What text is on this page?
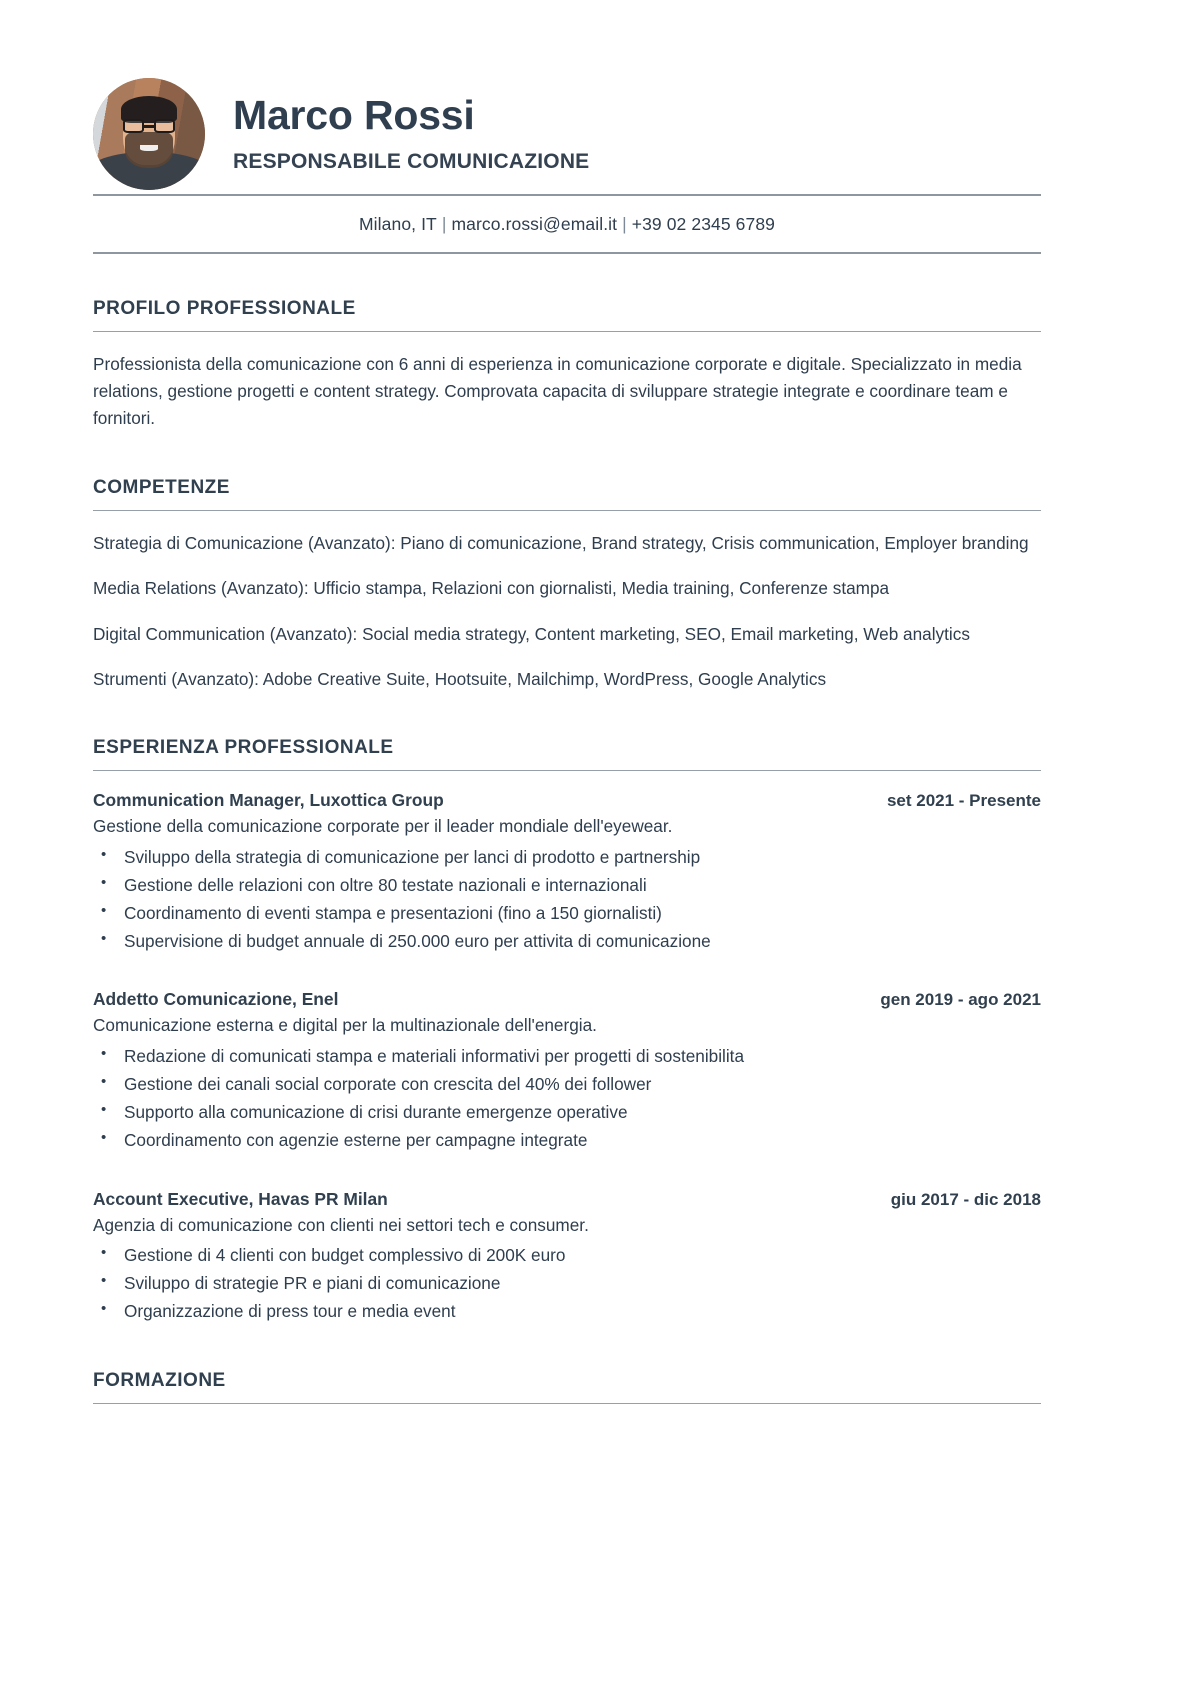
Marco Rossi
RESPONSABILE COMUNICAZIONE
Milano, IT | marco.rossi@email.it | +39 02 2345 6789
PROFILO PROFESSIONALE

Professionista della comunicazione con 6 anni di esperienza in comunicazione corporate e digitale. Specializzato in media relations, gestione progetti e content strategy. Comprovata capacita di sviluppare strategie integrate e coordinare team e fornitori.

COMPETENZE

Strategia di Comunicazione (Avanzato): Piano di comunicazione, Brand strategy, Crisis communication, Employer branding

Media Relations (Avanzato): Ufficio stampa, Relazioni con giornalisti, Media training, Conferenze stampa

Digital Communication (Avanzato): Social media strategy, Content marketing, SEO, Email marketing, Web analytics

Strumenti (Avanzato): Adobe Creative Suite, Hootsuite, Mailchimp, WordPress, Google Analytics

ESPERIENZA PROFESSIONALE
Communication Manager, Luxottica Group	set 2021 - Presente

Gestione della comunicazione corporate per il leader mondiale dell'eyewear.

• Sviluppo della strategia di comunicazione per lanci di prodotto e partnership
• Gestione delle relazioni con oltre 80 testate nazionali e internazionali
• Coordinamento di eventi stampa e presentazioni (fino a 150 giornalisti)
• Supervisione di budget annuale di 250.000 euro per attivita di comunicazione
Addetto Comunicazione, Enel	gen 2019 - ago 2021

Comunicazione esterna e digital per la multinazionale dell'energia.

• Redazione di comunicati stampa e materiali informativi per progetti di sostenibilita
• Gestione dei canali social corporate con crescita del 40% dei follower
• Supporto alla comunicazione di crisi durante emergenze operative
• Coordinamento con agenzie esterne per campagne integrate
Account Executive, Havas PR Milan	giu 2017 - dic 2018

Agenzia di comunicazione con clienti nei settori tech e consumer.

• Gestione di 4 clienti con budget complessivo di 200K euro
• Sviluppo di strategie PR e piani di comunicazione
• Organizzazione di press tour e media event
FORMAZIONE
